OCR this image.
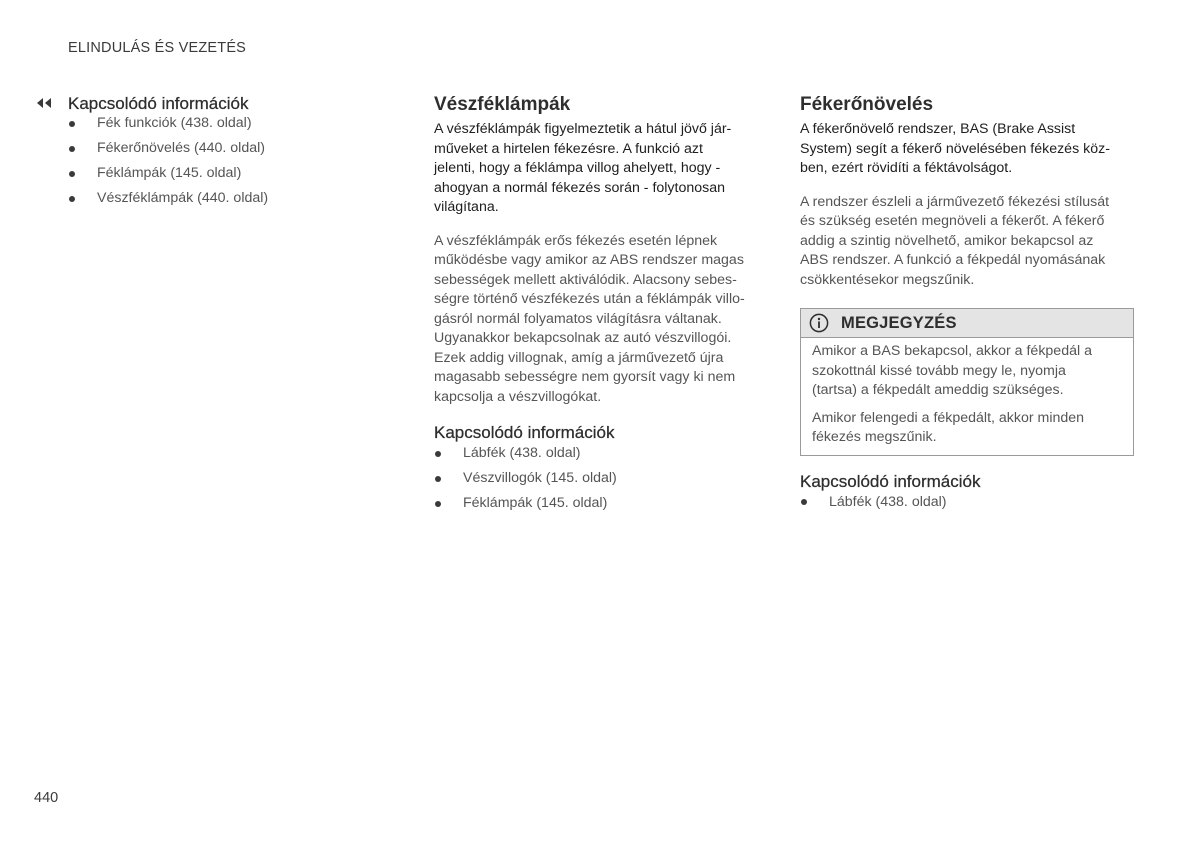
ELINDULÁS ÉS VEZETÉS
Kapcsolódó információk
Fék funkciók (438. oldal)
Fékerőnövelés (440. oldal)
Féklámpák (145. oldal)
Vészféklámpák (440. oldal)
Vészféklámpák

A vészféklámpák figyelmeztetik a hátul jövő jár-
műveket a hirtelen fékezésre. A funkció azt
jelenti, hogy a féklámpa villog ahelyett, hogy -
ahogyan a normál fékezés során - folytonosan
világítana.

A vészféklámpák erős fékezés esetén lépnek
működésbe vagy amikor az ABS rendszer magas
sebességek mellett aktiválódik. Alacsony sebes-
ségre történő vészfékezés után a féklámpák villo-
gásról normál folyamatos világításra váltanak.
Ugyanakkor bekapcsolnak az autó vészvillogói.
Ezek addig villognak, amíg a járművezető újra
magasabb sebességre nem gyorsít vagy ki nem
kapcsolja a vészvillogókat.

Kapcsolódó információk
Lábfék (438. oldal)
Vészvillogók (145. oldal)
Féklámpák (145. oldal)
Fékerőnövelés

A fékerőnövelő rendszer, BAS (Brake Assist
System) segít a fékerő növelésében fékezés köz-
ben, ezért rövidíti a féktávolságot.

A rendszer észleli a járművezető fékezési stílusát
és szükség esetén megnöveli a fékerőt. A fékerő
addig a szintig növelhető, amikor bekapcsol az
ABS rendszer. A funkció a fékpedál nyomásának
csökkentésekor megszűnik.

MEGJEGYZÉS

Amikor a BAS bekapcsol, akkor a fékpedál a
szokottnál kissé tovább megy le, nyomja
(tartsa) a fékpedált ameddig szükséges.

Amikor felengedi a fékpedált, akkor minden
fékezés megszűnik.

Kapcsolódó információk
Lábfék (438. oldal)
440
